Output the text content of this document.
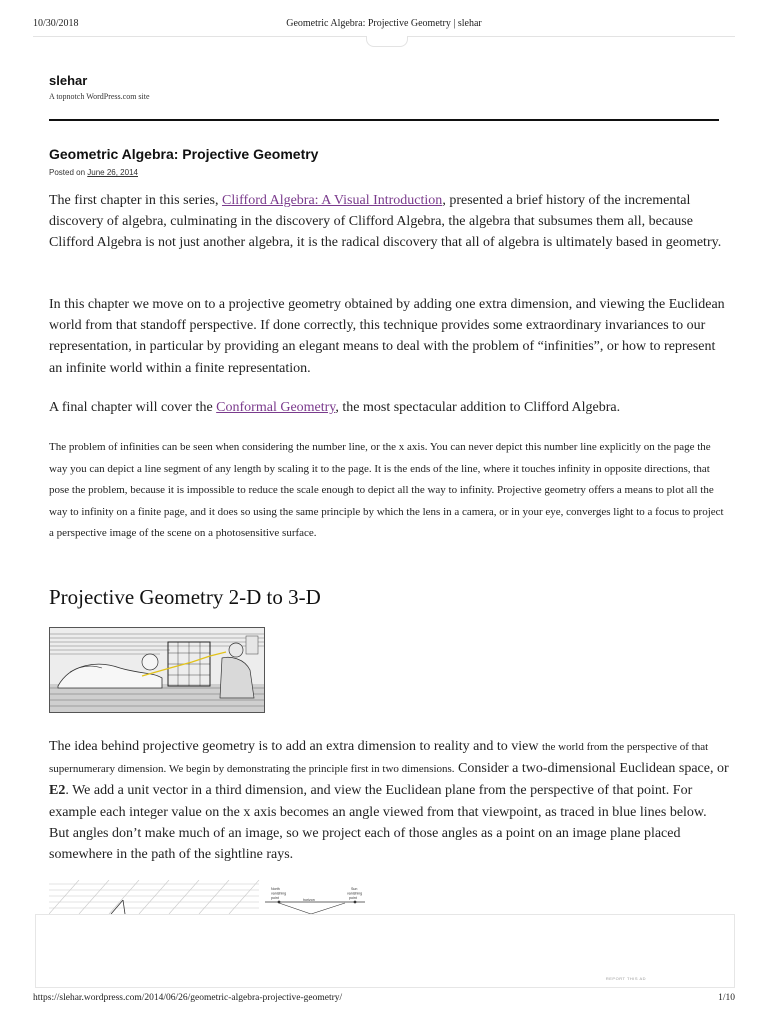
10/30/2018	Geometric Algebra: Projective Geometry | slehar
slehar
A topnotch WordPress.com site
Geometric Algebra: Projective Geometry
Posted on June 26, 2014

The first chapter in this series, Clifford Algebra: A Visual Introduction, presented a brief history of the incremental discovery of algebra, culminating in the discovery of Clifford Algebra, the algebra that subsumes them all, because Clifford Algebra is not just another algebra, it is the radical discovery that all of algebra is ultimately based in geometry.

In this chapter we move on to a projective geometry obtained by adding one extra dimension, and viewing the Euclidean world from that standoff perspective. If done correctly, this technique provides some extraordinary invariances to our representation, in particular by providing an elegant means to deal with the problem of “infinities”, or how to represent an infinite world within a finite representation.

A final chapter will cover the Conformal Geometry, the most spectacular addition to Clifford Algebra.

The problem of infinities can be seen when considering the number line, or the x axis. You can never depict this number line explicitly on the page the way you can depict a line segment of any length by scaling it to the page. It is the ends of the line, where it touches infinity in opposite directions, that pose the problem, because it is impossible to reduce the scale enough to depict all the way to infinity. Projective geometry offers a means to plot all the way to infinity on a finite page, and it does so using the same principle by which the lens in a camera, or in your eye, converges light to a focus to project a perspective image of the scene on a photosensitive surface.

Projective Geometry 2-D to 3-D

The idea behind projective geometry is to add an extra dimension to reality and to view the world from the perspective of that supernumerary dimension. We begin by demonstrating the principle first in two dimensions. Consider a two-dimensional Euclidean space, or E2. We add a unit vector in a third dimension, and view the Euclidean plane from the perspective of that point. For example each integer value on the x axis becomes an angle viewed from that viewpoint, as traced in blue lines below. But angles don’t make much of an image, so we project each of those angles as a point on an image plane placed somewhere in the path of the sightline rays.

North
vanishing
point	horizon
Sun
vanishing
point
REPORT THIS AD
https://slehar.wordpress.com/2014/06/26/geometric-algebra-projective-geometry/	1/10
